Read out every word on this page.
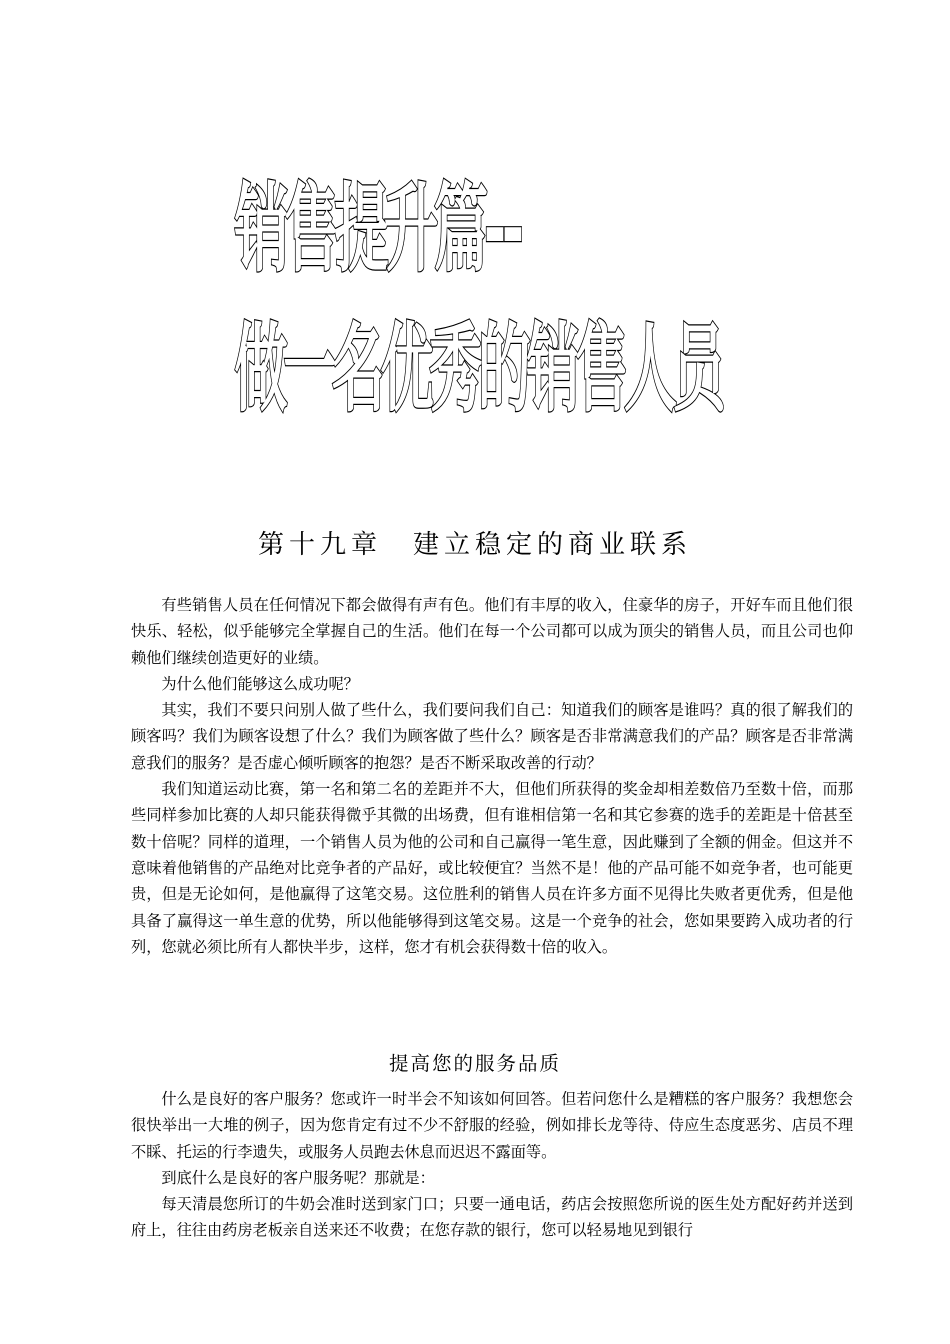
销售提升篇--
做一名优秀的销售人员
第十九章　建立稳定的商业联系

有些销售人员在任何情况下都会做得有声有色。他们有丰厚的收入，住豪华的房子，开好车而且他们很快乐、轻松，似乎能够完全掌握自己的生活。他们在每一个公司都可以成为顶尖的销售人员，而且公司也仰赖他们继续创造更好的业绩。

为什么他们能够这么成功呢？

其实，我们不要只问别人做了些什么，我们要问我们自己：知道我们的顾客是谁吗？真的很了解我们的顾客吗？我们为顾客设想了什么？我们为顾客做了些什么？顾客是否非常满意我们的产品？顾客是否非常满意我们的服务？是否虚心倾听顾客的抱怨？是否不断采取改善的行动？

我们知道运动比赛，第一名和第二名的差距并不大，但他们所获得的奖金却相差数倍乃至数十倍，而那些同样参加比赛的人却只能获得微乎其微的出场费，但有谁相信第一名和其它参赛的选手的差距是十倍甚至数十倍呢？同样的道理，一个销售人员为他的公司和自己赢得一笔生意，因此赚到了全额的佣金。但这并不意味着他销售的产品绝对比竞争者的产品好，或比较便宜？当然不是！他的产品可能不如竞争者，也可能更贵，但是无论如何，是他赢得了这笔交易。这位胜利的销售人员在许多方面不见得比失败者更优秀，但是他具备了赢得这一单生意的优势，所以他能够得到这笔交易。这是一个竞争的社会，您如果要跨入成功者的行列，您就必须比所有人都快半步，这样，您才有机会获得数十倍的收入。

提高您的服务品质

什么是良好的客户服务？您或许一时半会不知该如何回答。但若问您什么是糟糕的客户服务？我想您会很快举出一大堆的例子，因为您肯定有过不少不舒服的经验，例如排长龙等待、侍应生态度恶劣、店员不理不睬、托运的行李遗失，或服务人员跑去休息而迟迟不露面等。

到底什么是良好的客户服务呢？那就是：

每天清晨您所订的牛奶会准时送到家门口；只要一通电话，药店会按照您所说的医生处方配好药并送到府上，往往由药房老板亲自送来还不收费；在您存款的银行，您可以轻易地见到银行
